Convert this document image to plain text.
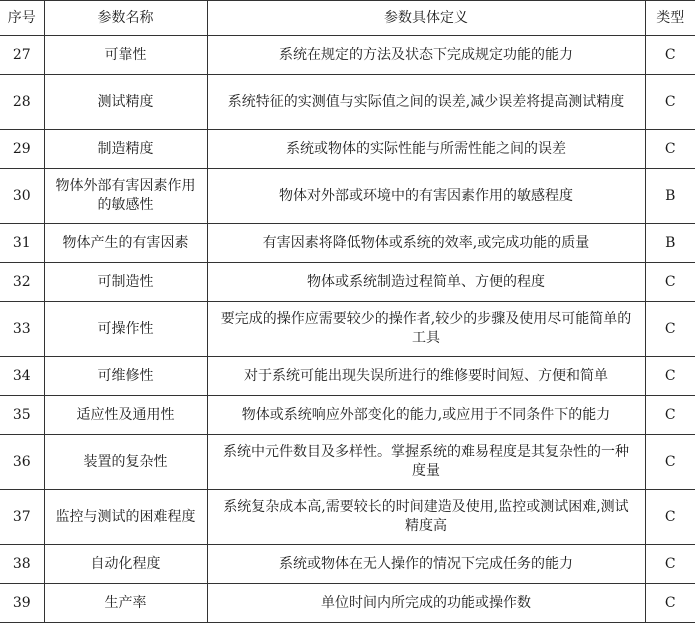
序号	参数名称	参数具体定义	类型
27	可靠性	系统在规定的方法及状态下完成规定功能的能力	C
28	测试精度	系统特征的实测值与实际值之间的误差,减少误差将提高测试精度	C
29	制造精度	系统或物体的实际性能与所需性能之间的误差	C
30	物体外部有害因素作用的敏感性	物体对外部或环境中的有害因素作用的敏感程度	B
31	物体产生的有害因素	有害因素将降低物体或系统的效率,或完成功能的质量	B
32	可制造性	物体或系统制造过程简单、方便的程度	C
33	可操作性	要完成的操作应需要较少的操作者,较少的步骤及使用尽可能简单的工具	C
34	可维修性	对于系统可能出现失误所进行的维修要时间短、方便和简单	C
35	适应性及通用性	物体或系统响应外部变化的能力,或应用于不同条件下的能力	C
36	装置的复杂性	系统中元件数目及多样性。掌握系统的难易程度是其复杂性的一种度量	C
37	监控与测试的困难程度	系统复杂成本高,需要较长的时间建造及使用,监控或测试困难,测试精度高	C
38	自动化程度	系统或物体在无人操作的情况下完成任务的能力	C
39	生产率	单位时间内所完成的功能或操作数	C
